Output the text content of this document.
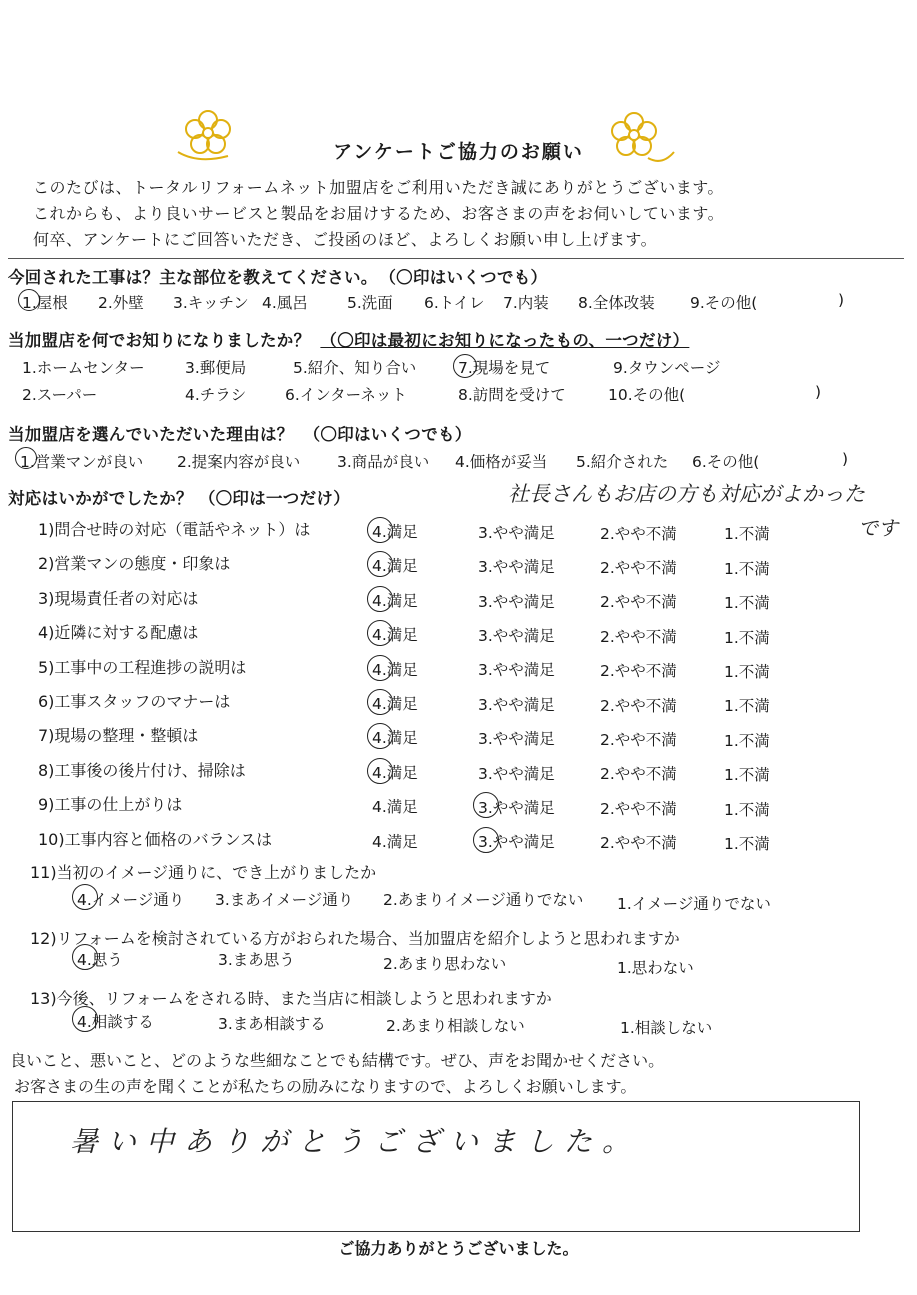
アンケートご協力のお願い
このたびは、トータルリフォームネット加盟店をご利用いただき誠にありがとうございます。
これからも、より良いサービスと製品をお届けするため、お客さまの声をお伺いしています。
何卒、アンケートにご回答いただき、ご投函のほど、よろしくお願い申し上げます。
今回された工事は？主な部位を教えてください。 （〇印はいくつでも）
1.屋根 2.外壁 3.キッチン 4.風呂	5.洗面 6.トイレ 7.内装 8.全体改装 9.その他(	)
当加盟店を何でお知りになりましたか？ （〇印は最初にお知りになったもの、一つだけ）
1.ホームセンター	3.郵便局	5.紹介、知り合い	7.現場を見て	9.タウンページ
2.スーパー	4.チラシ 6.インターネット	8.訪問を受けて	10.その他(	)
当加盟店を選んでいただいた理由は？ （〇印はいくつでも）
1.営業マンが良い 2.提案内容が良い 3.商品が良い 4.価格が妥当 5.紹介された 6.その他(	)
対応はいかがでしたか？ （〇印は一つだけ）	社長さんもお店の方も対応がよかった
です
1)問合せ時の対応（電話やネット）は	4.満足	3.やや満足	2.やや不満	1.不満
2)営業マンの態度・印象は	4.満足	3.やや満足	2.やや不満	1.不満
3)現場責任者の対応は	4.満足	3.やや満足	2.やや不満	1.不満
4)近隣に対する配慮は	4.満足	3.やや満足	2.やや不満	1.不満
5)工事中の工程進捗の説明は	4.満足	3.やや満足	2.やや不満	1.不満
6)工事スタッフのマナーは	4.満足	3.やや満足	2.やや不満	1.不満
7)現場の整理・整頓は	4.満足	3.やや満足	2.やや不満	1.不満
8)工事後の後片付け、掃除は	4.満足	3.やや満足	2.やや不満	1.不満
9)工事の仕上がりは	4.満足	3.やや満足	2.やや不満	1.不満
10)工事内容と価格のバランスは	4.満足	3.やや満足	2.やや不満	1.不満
11)当初のイメージ通りに、でき上がりましたか
4.イメージ通り 3.まあイメージ通り 2.あまりイメージ通りでない 1.イメージ通りでない
12)リフォームを検討されている方がおられた場合、当加盟店を紹介しようと思われますか
4.思う	3.まあ思う	2.あまり思わない	1.思わない
13)今後、リフォームをされる時、また当店に相談しようと思われますか
4.相談する	3.まあ相談する	2.あまり相談しない	1.相談しない
良いこと、悪いこと、どのような些細なことでも結構です。ぜひ、声をお聞かせください。
お客さまの生の声を聞くことが私たちの励みになりますので、よろしくお願いします。
暑い中ありがとうございました。
ご協力ありがとうございました。
